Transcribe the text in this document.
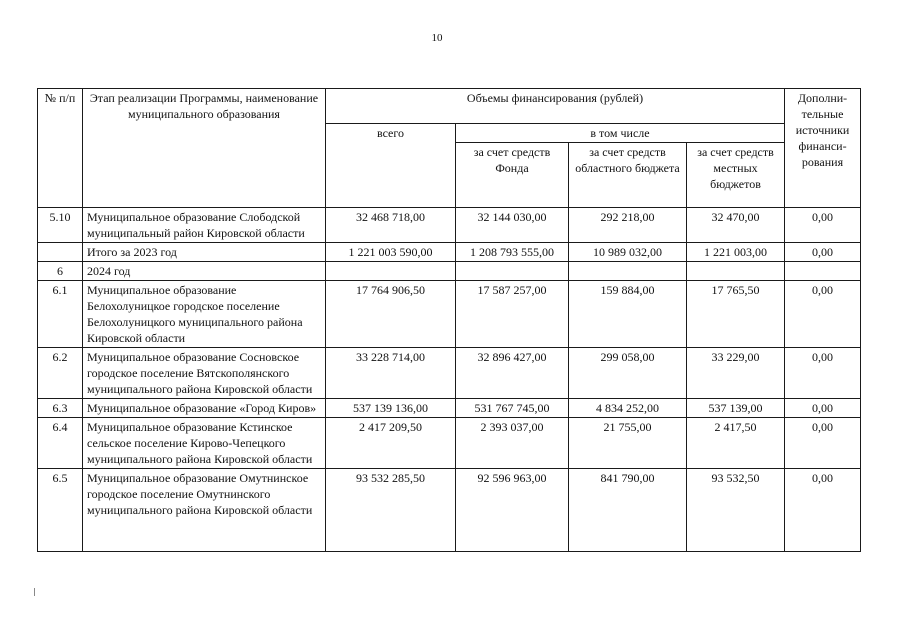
10
№ п/п	Этап реализации Программы, наименование муниципального образования	Объемы финансирования (рублей)				Дополни-тельные источники финанси-рования
		всего	в том числе			
			за счет средств Фонда	за счет средств областного бюджета	за счет средств местных бюджетов	
5.10	Муниципальное образование Слободской муниципальный район Кировской области	32 468 718,00	32 144 030,00	292 218,00	32 470,00	0,00
	Итого за 2023 год	1 221 003 590,00	1 208 793 555,00	10 989 032,00	1 221 003,00	0,00
6	2024 год					
6.1	Муниципальное образование Белохолуницкое городское поселение Белохолуницкого муниципального района Кировской области	17 764 906,50	17 587 257,00	159 884,00	17 765,50	0,00
6.2	Муниципальное образование Сосновское городское поселение Вятскополянского муниципального района Кировской области	33 228 714,00	32 896 427,00	299 058,00	33 229,00	0,00
6.3	Муниципальное образование «Город Киров»	537 139 136,00	531 767 745,00	4 834 252,00	537 139,00	0,00
6.4	Муниципальное образование Кстинское сельское поселение Кирово-Чепецкого муниципального района Кировской области	2 417 209,50	2 393 037,00	21 755,00	2 417,50	0,00
6.5	Муниципальное образование Омутнинское городское поселение Омутнинского муниципального района Кировской области	93 532 285,50	92 596 963,00	841 790,00	93 532,50	0,00
